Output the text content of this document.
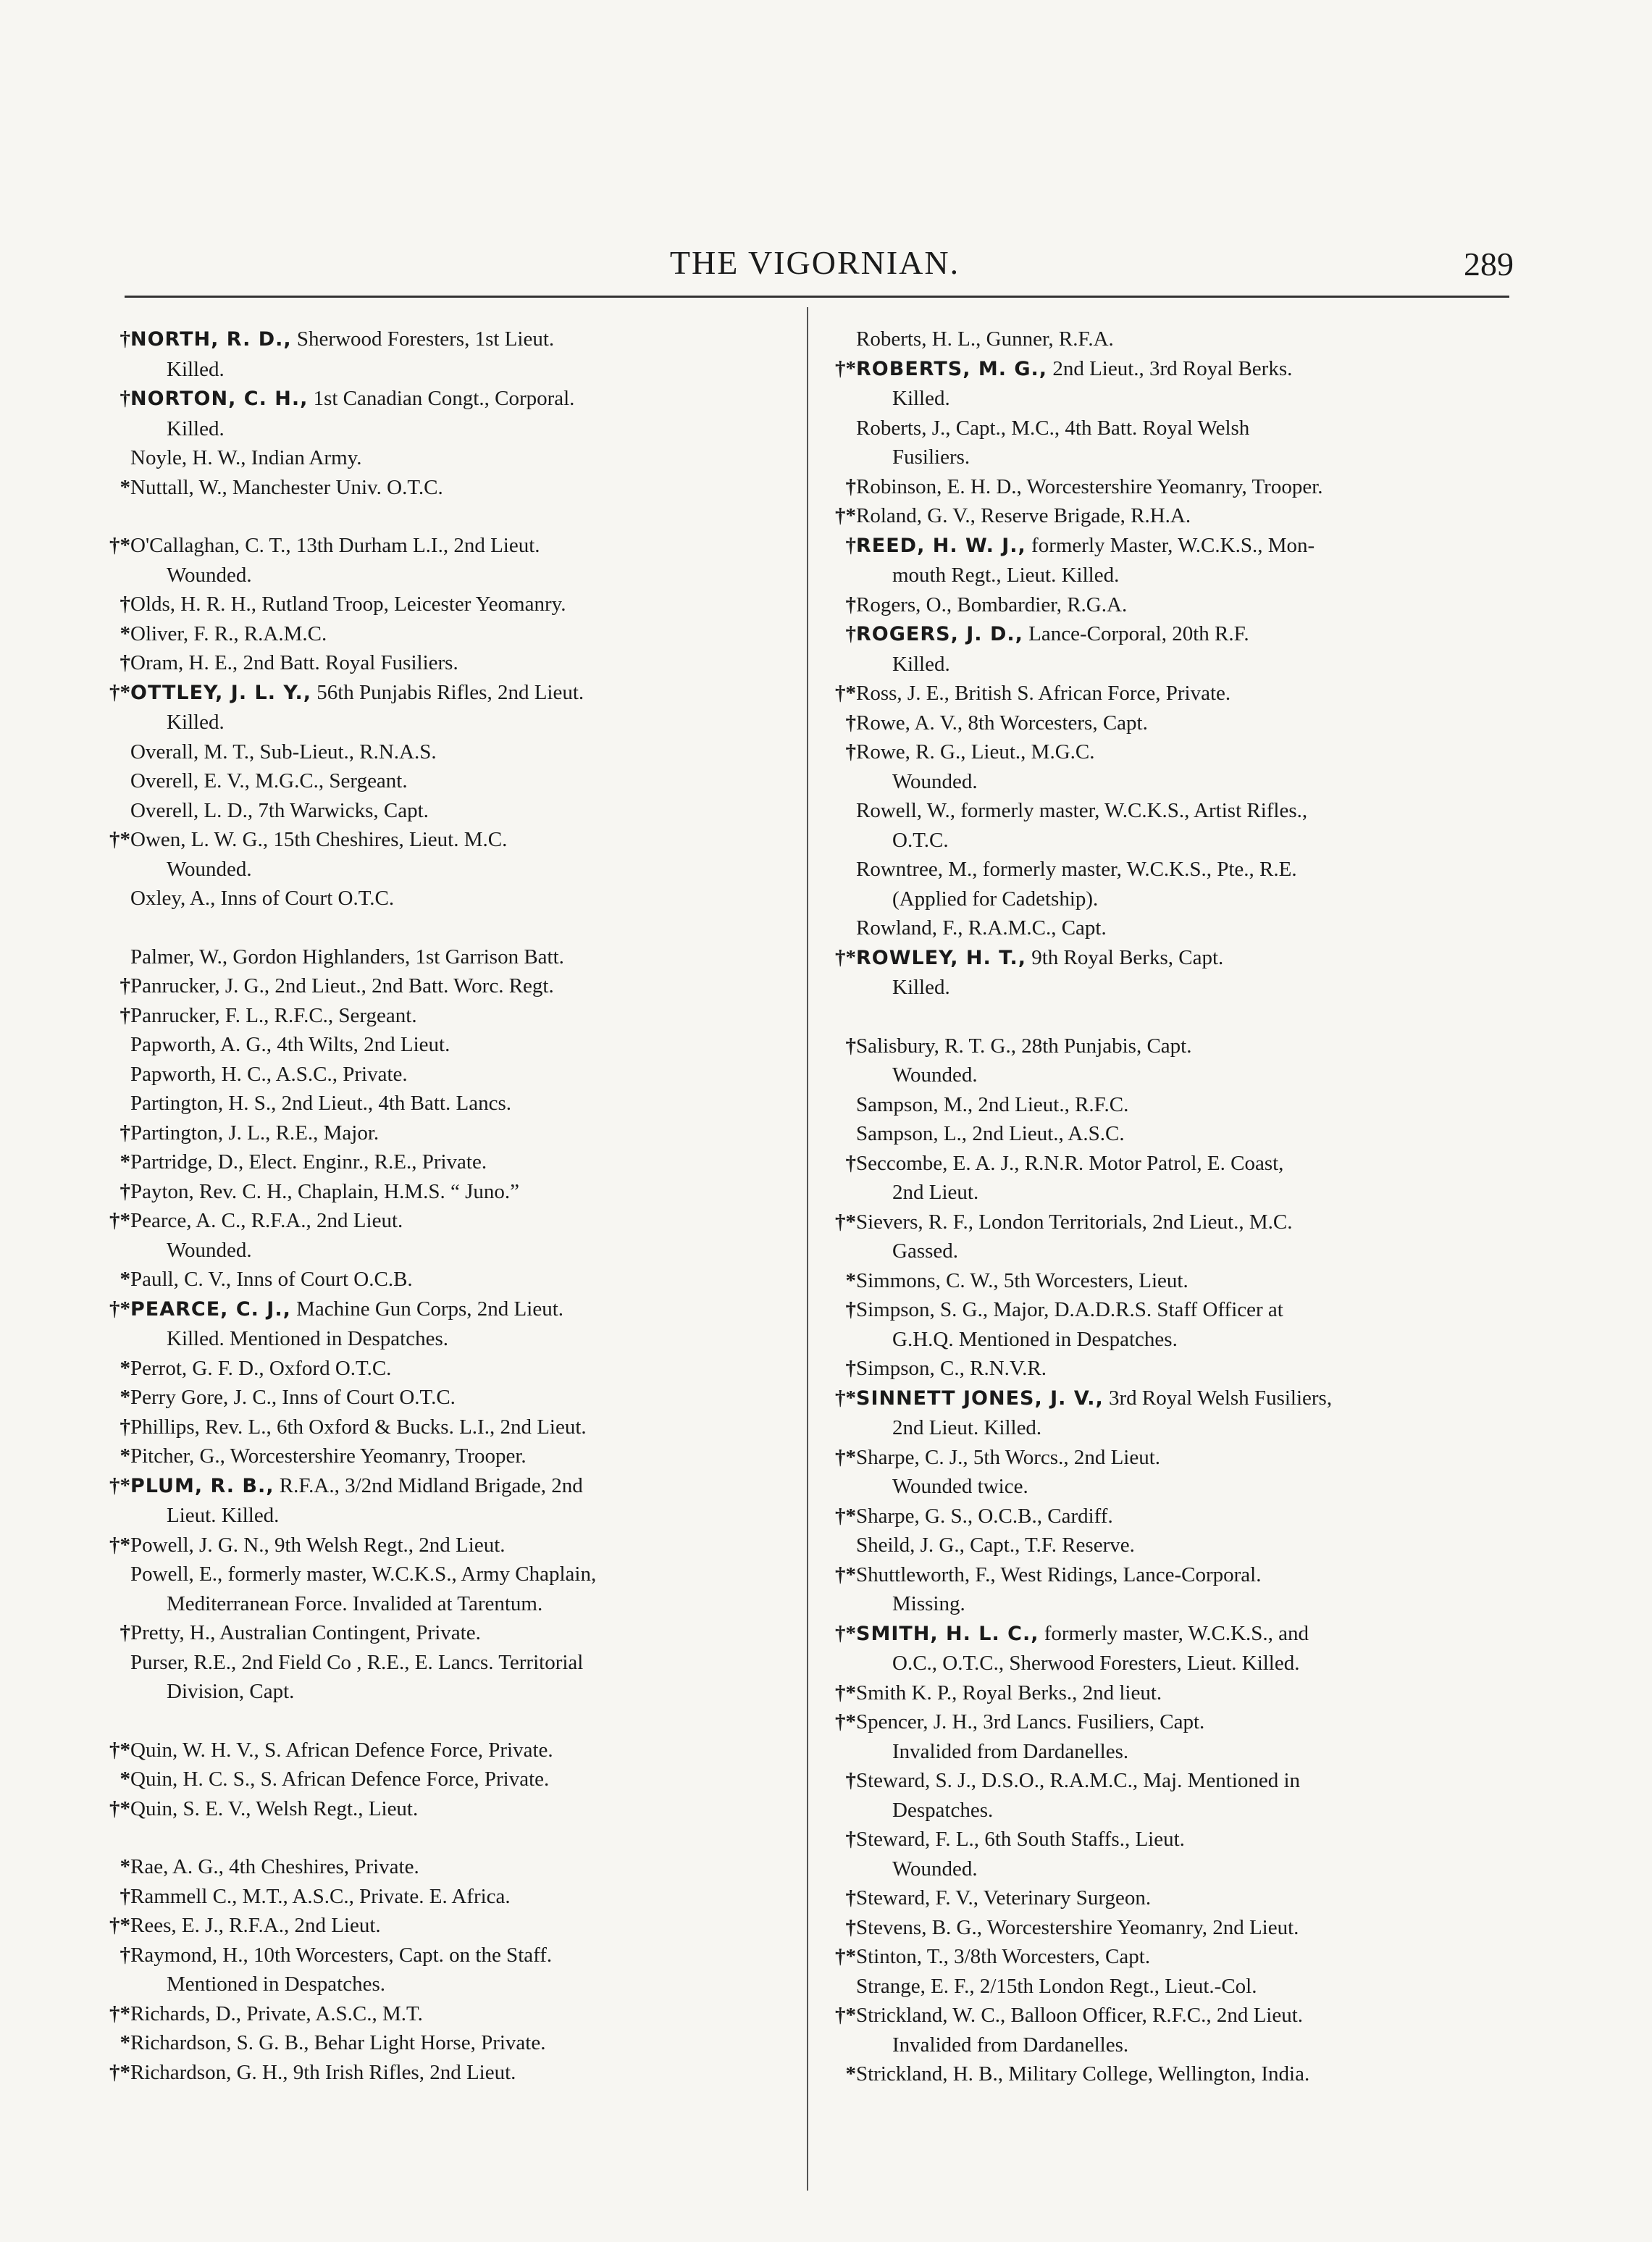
THE VIGORNIAN.	289
† NORTH, R. D., Sherwood Foresters, 1st Lieut.
Killed.
† NORTON, C. H., 1st Canadian Congt., Corporal.
Killed.
Noyle, H. W., Indian Army.
* Nuttall, W., Manchester Univ. O.T.C.
†* O'Callaghan, C. T., 13th Durham L.I., 2nd Lieut.
Wounded.
† Olds, H. R. H., Rutland Troop, Leicester Yeomanry.
* Oliver, F. R., R.A.M.C.
† Oram, H. E., 2nd Batt. Royal Fusiliers.
†* OTTLEY, J. L. Y., 56th Punjabis Rifles, 2nd Lieut.
Killed.
Overall, M. T., Sub-Lieut., R.N.A.S.
Overell, E. V., M.G.C., Sergeant.
Overell, L. D., 7th Warwicks, Capt.
†* Owen, L. W. G., 15th Cheshires, Lieut. M.C.
Wounded.
Oxley, A., Inns of Court O.T.C.
Palmer, W., Gordon Highlanders, 1st Garrison Batt.
† Panrucker, J. G., 2nd Lieut., 2nd Batt. Worc. Regt.
† Panrucker, F. L., R.F.C., Sergeant.
Papworth, A. G., 4th Wilts, 2nd Lieut.
Papworth, H. C., A.S.C., Private.
Partington, H. S., 2nd Lieut., 4th Batt. Lancs.
† Partington, J. L., R.E., Major.
* Partridge, D., Elect. Enginr., R.E., Private.
† Payton, Rev. C. H., Chaplain, H.M.S. “ Juno.”
†* Pearce, A. C., R.F.A., 2nd Lieut.
Wounded.
* Paull, C. V., Inns of Court O.C.B.
†* PEARCE, C. J., Machine Gun Corps, 2nd Lieut.
Killed. Mentioned in Despatches.
* Perrot, G. F. D., Oxford O.T.C.
* Perry Gore, J. C., Inns of Court O.T.C.
† Phillips, Rev. L., 6th Oxford & Bucks. L.I., 2nd Lieut.
* Pitcher, G., Worcestershire Yeomanry, Trooper.
†* PLUM, R. B., R.F.A., 3/2nd Midland Brigade, 2nd
Lieut. Killed.
†* Powell, J. G. N., 9th Welsh Regt., 2nd Lieut.
Powell, E., formerly master, W.C.K.S., Army Chaplain,
Mediterranean Force. Invalided at Tarentum.
† Pretty, H., Australian Contingent, Private.
Purser, R.E., 2nd Field Co , R.E., E. Lancs. Territorial
Division, Capt.
†* Quin, W. H. V., S. African Defence Force, Private.
* Quin, H. C. S., S. African Defence Force, Private.
†* Quin, S. E. V., Welsh Regt., Lieut.
* Rae, A. G., 4th Cheshires, Private.
† Rammell C., M.T., A.S.C., Private. E. Africa.
†* Rees, E. J., R.F.A., 2nd Lieut.
† Raymond, H., 10th Worcesters, Capt. on the Staff.
Mentioned in Despatches.
†* Richards, D., Private, A.S.C., M.T.
* Richardson, S. G. B., Behar Light Horse, Private.
†* Richardson, G. H., 9th Irish Rifles, 2nd Lieut.
Roberts, H. L., Gunner, R.F.A.
†* ROBERTS, M. G., 2nd Lieut., 3rd Royal Berks.
Killed.
Roberts, J., Capt., M.C., 4th Batt. Royal Welsh
Fusiliers.
† Robinson, E. H. D., Worcestershire Yeomanry, Trooper.
†* Roland, G. V., Reserve Brigade, R.H.A.
† REED, H. W. J., formerly Master, W.C.K.S., Mon-
mouth Regt., Lieut. Killed.
† Rogers, O., Bombardier, R.G.A.
† ROGERS, J. D., Lance-Corporal, 20th R.F.
Killed.
†* Ross, J. E., British S. African Force, Private.
† Rowe, A. V., 8th Worcesters, Capt.
† Rowe, R. G., Lieut., M.G.C.
Wounded.
Rowell, W., formerly master, W.C.K.S., Artist Rifles.,
O.T.C.
Rowntree, M., formerly master, W.C.K.S., Pte., R.E.
(Applied for Cadetship).
Rowland, F., R.A.M.C., Capt.
†* ROWLEY, H. T., 9th Royal Berks, Capt.
Killed.
† Salisbury, R. T. G., 28th Punjabis, Capt.
Wounded.
Sampson, M., 2nd Lieut., R.F.C.
Sampson, L., 2nd Lieut., A.S.C.
† Seccombe, E. A. J., R.N.R. Motor Patrol, E. Coast,
2nd Lieut.
†* Sievers, R. F., London Territorials, 2nd Lieut., M.C.
Gassed.
* Simmons, C. W., 5th Worcesters, Lieut.
† Simpson, S. G., Major, D.A.D.R.S. Staff Officer at
G.H.Q. Mentioned in Despatches.
† Simpson, C., R.N.V.R.
†* SINNETT JONES, J. V., 3rd Royal Welsh Fusiliers,
2nd Lieut. Killed.
†* Sharpe, C. J., 5th Worcs., 2nd Lieut.
Wounded twice.
†* Sharpe, G. S., O.C.B., Cardiff.
Sheild, J. G., Capt., T.F. Reserve.
†* Shuttleworth, F., West Ridings, Lance-Corporal.
Missing.
†* SMITH, H. L. C., formerly master, W.C.K.S., and
O.C., O.T.C., Sherwood Foresters, Lieut. Killed.
†* Smith K. P., Royal Berks., 2nd lieut.
†* Spencer, J. H., 3rd Lancs. Fusiliers, Capt.
Invalided from Dardanelles.
† Steward, S. J., D.S.O., R.A.M.C., Maj. Mentioned in
Despatches.
† Steward, F. L., 6th South Staffs., Lieut.
Wounded.
† Steward, F. V., Veterinary Surgeon.
† Stevens, B. G., Worcestershire Yeomanry, 2nd Lieut.
†* Stinton, T., 3/8th Worcesters, Capt.
Strange, E. F., 2/15th London Regt., Lieut.-Col.
†* Strickland, W. C., Balloon Officer, R.F.C., 2nd Lieut.
Invalided from Dardanelles.
* Strickland, H. B., Military College, Wellington, India.
